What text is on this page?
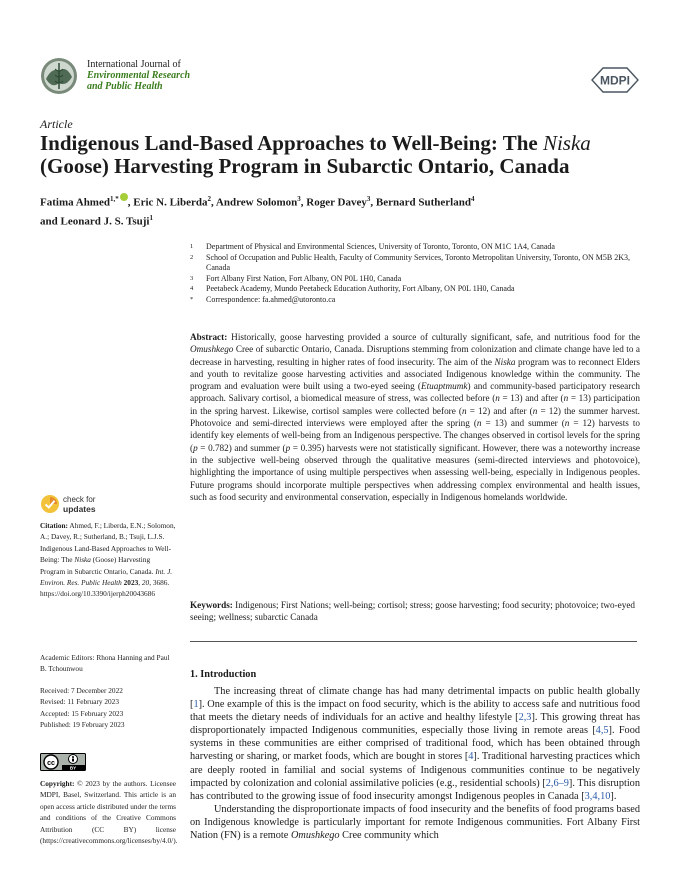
International Journal of
Environmental Research
and Public Health	MDPI
Article
Indigenous Land-Based Approaches to Well-Being: The Niska (Goose) Harvesting Program in Subarctic Ontario, Canada
Fatima Ahmed$^{1,*}$ , Eric N. Liberda$^2$, Andrew Solomon$^3$, Roger Davey$^3$, Bernard Sutherland$^4$
and Leonard J. S. Tsuji$^1$
1	Department of Physical and Environmental Sciences, University of Toronto, Toronto, ON M1C 1A4, Canada
2	School of Occupation and Public Health, Faculty of Community Services, Toronto Metropolitan University, Toronto, ON M5B 2K3, Canada
3	Fort Albany First Nation, Fort Albany, ON P0L 1H0, Canada
4	Peetabeck Academy, Mundo Peetabeck Education Authority, Fort Albany, ON P0L 1H0, Canada
*	Correspondence: fa.ahmed@utoronto.ca
Abstract: Historically, goose harvesting provided a source of culturally significant, safe, and nutritious food for the Omushkego Cree of subarctic Ontario, Canada. Disruptions stemming from colonization and climate change have led to a decrease in harvesting, resulting in higher rates of food insecurity. The aim of the Niska program was to reconnect Elders and youth to revitalize goose harvesting activities and associated Indigenous knowledge within the community. The program and evaluation were built using a two-eyed seeing (Etuaptmumk) and community-based participatory research approach. Salivary cortisol, a biomedical measure of stress, was collected before (n = 13) and after (n = 13) participation in the spring harvest. Likewise, cortisol samples were collected before (n = 12) and after (n = 12) the summer harvest. Photovoice and semi-directed interviews were employed after the spring (n = 13) and summer (n = 12) harvests to identify key elements of well-being from an Indigenous perspective. The changes observed in cortisol levels for the spring (p = 0.782) and summer (p = 0.395) harvests were not statistically significant. However, there was a noteworthy increase in the subjective well-being observed through the qualitative measures (semi-directed interviews and photovoice), highlighting the importance of using multiple perspectives when assessing well-being, especially in Indigenous peoples. Future programs should incorporate multiple perspectives when addressing complex environmental and health issues, such as food security and environmental conservation, especially in Indigenous homelands worldwide.
Keywords: Indigenous; First Nations; well-being; cortisol; stress; goose harvesting; food security; photovoice; two-eyed seeing; wellness; subarctic Canada
check for
updates
Citation: Ahmed, F.; Liberda, E.N.; Solomon, A.; Davey, R.; Sutherland, B.; Tsuji, L.J.S. Indigenous Land-Based Approaches to Well-Being: The Niska (Goose) Harvesting Program in Subarctic Ontario, Canada. Int. J. Environ. Res. Public Health 2023, 20, 3686. https://doi.org/10.3390/ijerph20043686
Academic Editors: Rhona Hanning and Paul B. Tchounwou
Received: 7 December 2022
Revised: 11 February 2023
Accepted: 15 February 2023
Published: 19 February 2023
cc
BY
Copyright: © 2023 by the authors. Licensee MDPI, Basel, Switzerland. This article is an open access article distributed under the terms and conditions of the Creative Commons Attribution (CC BY) license (https://creativecommons.org/licenses/by/4.0/).
1. Introduction

The increasing threat of climate change has had many detrimental impacts on public health globally [1]. One example of this is the impact on food security, which is the ability to access safe and nutritious food that meets the dietary needs of individuals for an active and healthy lifestyle [2,3]. This growing threat has disproportionately impacted Indigenous communities, especially those living in remote areas [4,5]. Food systems in these communities are either comprised of traditional food, which has been obtained through harvesting or sharing, or market foods, which are bought in stores [4]. Traditional harvesting practices which are deeply rooted in familial and social systems of Indigenous communities continue to be negatively impacted by colonization and colonial assimilative policies (e.g., residential schools) [2,6–9]. This disruption has contributed to the growing issue of food insecurity amongst Indigenous peoples in Canada [3,4,10].

Understanding the disproportionate impacts of food insecurity and the benefits of food programs based on Indigenous knowledge is particularly important for remote Indigenous communities. Fort Albany First Nation (FN) is a remote Omushkego Cree community which
